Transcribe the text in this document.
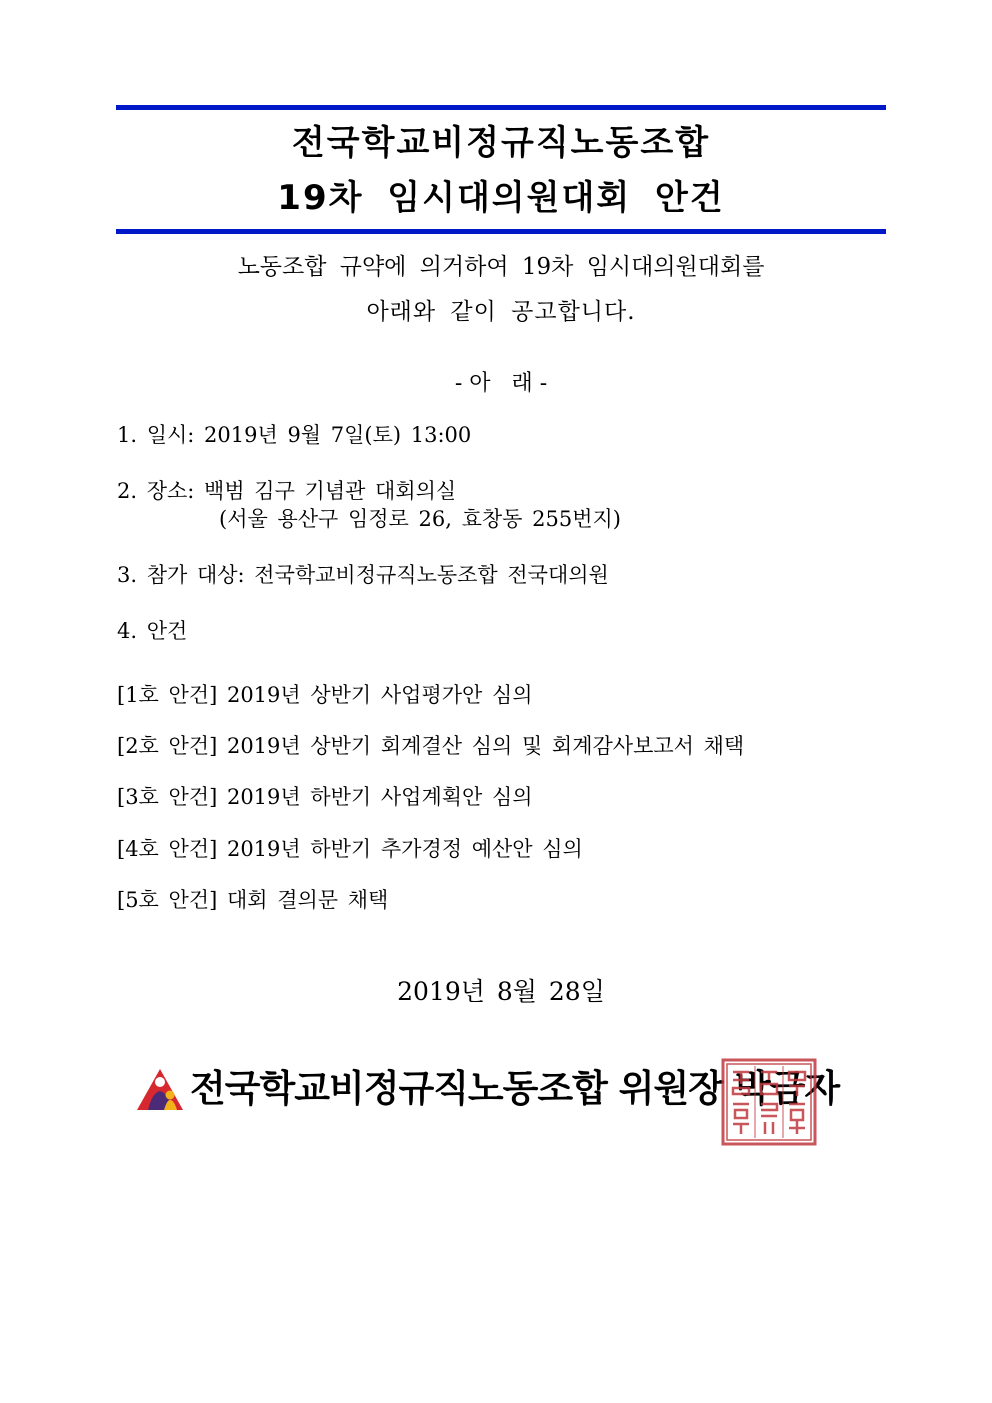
전국학교비정규직노동조합
19차 임시대의원대회 안건
노동조합 규약에 의거하여 19차 임시대의원대회를
아래와 같이 공고합니다.
- 아   래 -
1. 일시: 2019년 9월 7일(토) 13:00
2. 장소: 백범 김구 기념관 대회의실
(서울 용산구 임정로 26, 효창동 255번지)
3. 참가 대상: 전국학교비정규직노동조합 전국대의원
4. 안건
[1호 안건] 2019년 상반기 사업평가안 심의
[2호 안건] 2019년 상반기 회계결산 심의 및 회계감사보고서 채택
[3호 안건] 2019년 하반기 사업계획안 심의
[4호 안건] 2019년 하반기 추가경정 예산안 심의
[5호 안건] 대회 결의문 채택
2019년 8월 28일
전국학교비정규직노동조합 위원장 박금자
